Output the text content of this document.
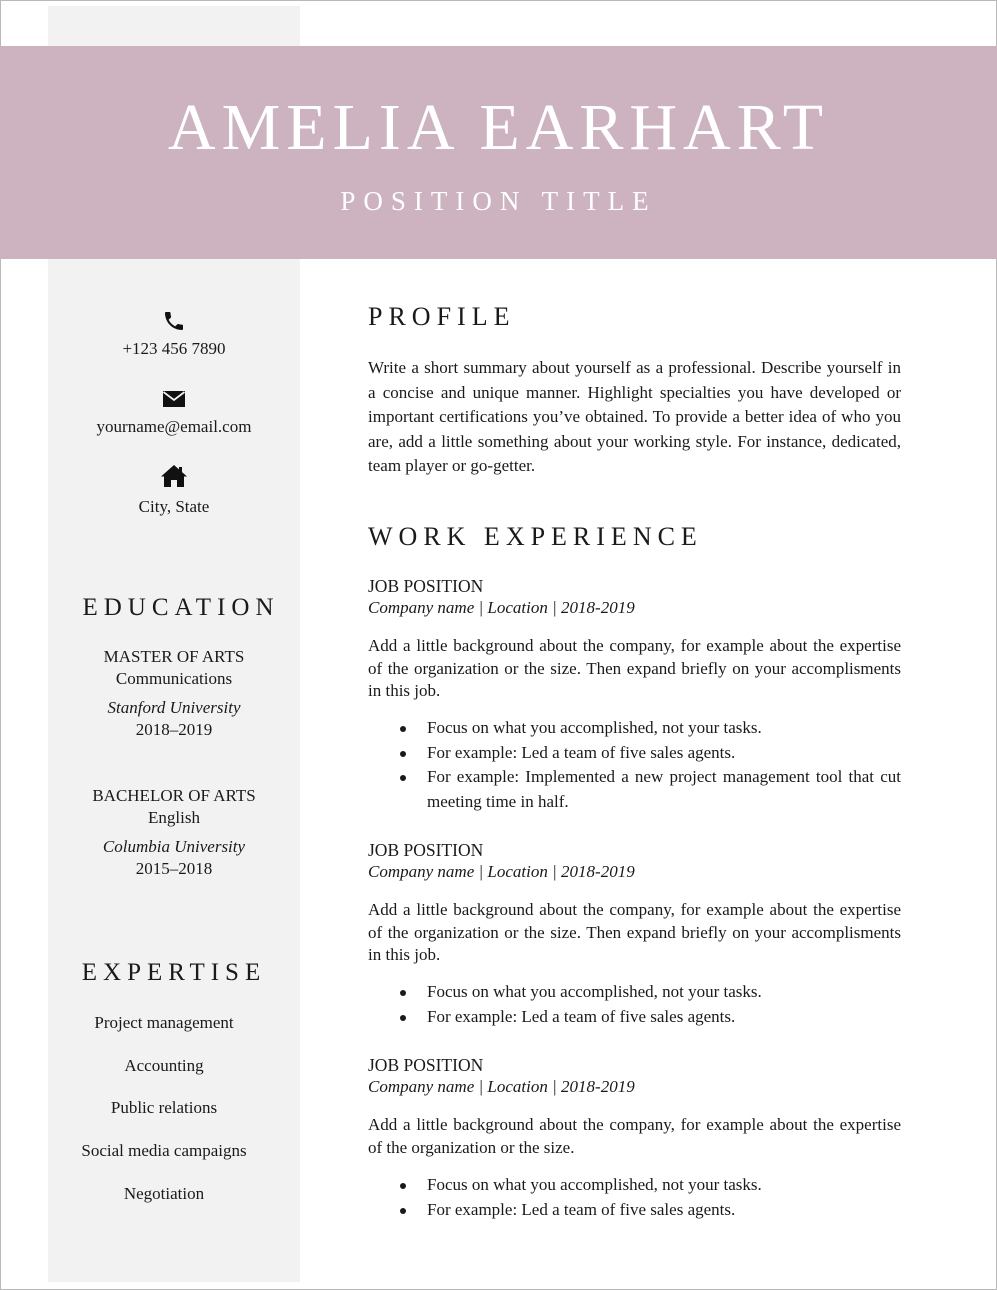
AMELIA EARHART
POSITION TITLE
+123 456 7890
yourname@email.com
City, State
EDUCATION
MASTER OF ARTS
Communications
Stanford University
2018–2019
BACHELOR OF ARTS
English
Columbia University
2015–2018
EXPERTISE
Project management
Accounting
Public relations
Social media campaigns
Negotiation
PROFILE
Write a short summary about yourself as a professional. Describe yourself in a concise and unique manner. Highlight specialties you have developed or important certifications you’ve obtained. To provide a better idea of who you are, add a little something about your working style. For instance, dedicated, team player or go-getter.
WORK EXPERIENCE
JOB POSITION
Company name | Location | 2018-2019
Add a little background about the company, for example about the expertise of the organization or the size. Then expand briefly on your accomplisments in this job.
Focus on what you accomplished, not your tasks.
For example: Led a team of five sales agents.
For example: Implemented a new project management tool that cut meeting time in half.
JOB POSITION
Company name | Location | 2018-2019
Add a little background about the company, for example about the expertise of the organization or the size. Then expand briefly on your accomplisments in this job.
Focus on what you accomplished, not your tasks.
For example: Led a team of five sales agents.
JOB POSITION
Company name | Location | 2018-2019
Add a little background about the company, for example about the expertise of the organization or the size.
Focus on what you accomplished, not your tasks.
For example: Led a team of five sales agents.
